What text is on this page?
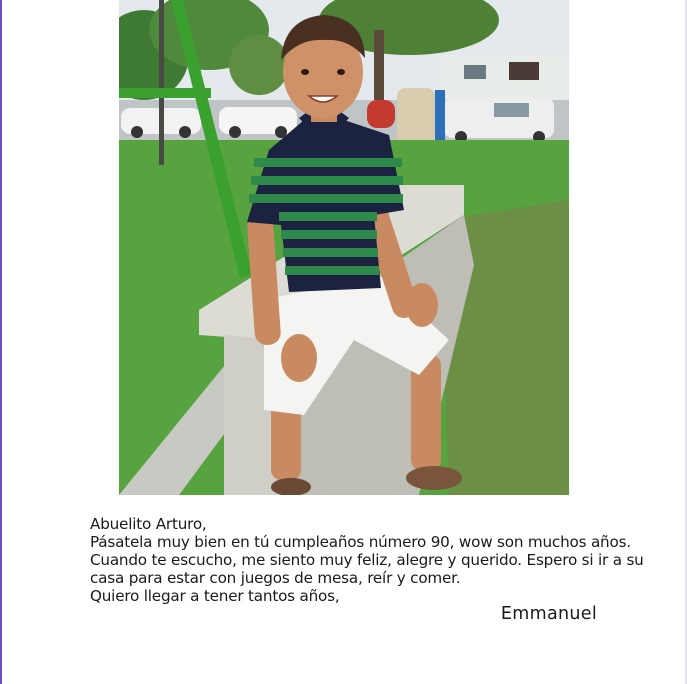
Abuelito Arturo,
Pásatela muy bien en tú cumpleaños número 90, wow son muchos años.
Cuando te escucho, me siento muy feliz, alegre y querido. Espero si ir a su
casa para estar con juegos de mesa, reír y comer.
Quiero llegar a tener tantos años,
Emmanuel
